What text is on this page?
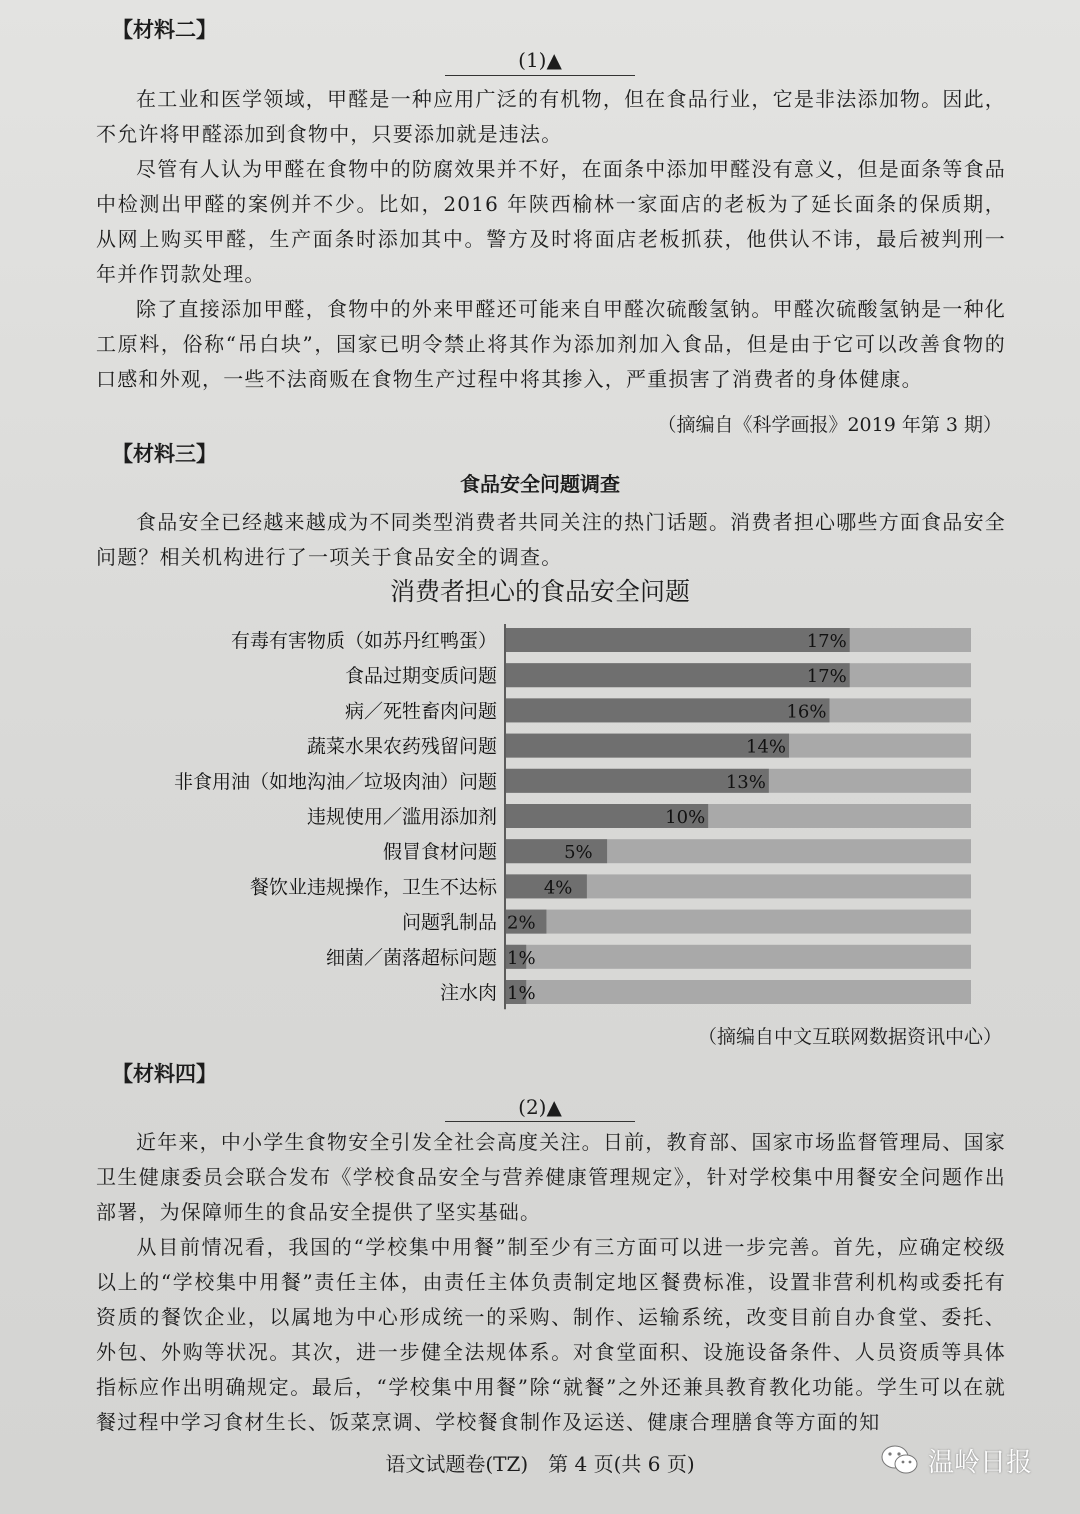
【材料二】
(1)▲

在工业和医学领域，甲醛是一种应用广泛的有机物，但在食品行业，它是非法添加物。因此，不允许将甲醛添加到食物中，只要添加就是违法。

尽管有人认为甲醛在食物中的防腐效果并不好，在面条中添加甲醛没有意义，但是面条等食品中检测出甲醛的案例并不少。比如，2016 年陕西榆林一家面店的老板为了延长面条的保质期，从网上购买甲醛，生产面条时添加其中。警方及时将面店老板抓获，他供认不讳，最后被判刑一年并作罚款处理。

除了直接添加甲醛，食物中的外来甲醛还可能来自甲醛次硫酸氢钠。甲醛次硫酸氢钠是一种化工原料，俗称“吊白块”，国家已明令禁止将其作为添加剂加入食品，但是由于它可以改善食物的口感和外观，一些不法商贩在食物生产过程中将其掺入，严重损害了消费者的身体健康。

（摘编自《科学画报》2019 年第 3 期）
【材料三】
食品安全问题调查

食品安全已经越来越成为不同类型消费者共同关注的热门话题。消费者担心哪些方面食品安全问题？相关机构进行了一项关于食品安全的调查。

消费者担心的食品安全问题
有毒有害物质（如苏丹红鸭蛋）	17%
食品过期变质问题	17%
病／死牲畜肉问题	16%
蔬菜水果农药残留问题	14%
非食用油（如地沟油／垃圾肉油）问题	13%
违规使用／滥用添加剂	10%
假冒食材问题	5%
餐饮业违规操作，卫生不达标	4%
问题乳制品 2%
细菌／菌落超标问题 1%
注水肉 1%
（摘编自中文互联网数据资讯中心）
【材料四】
(2)▲

近年来，中小学生食物安全引发全社会高度关注。日前，教育部、国家市场监督管理局、国家卫生健康委员会联合发布《学校食品安全与营养健康管理规定》，针对学校集中用餐安全问题作出部署，为保障师生的食品安全提供了坚实基础。

从目前情况看，我国的“学校集中用餐”制至少有三方面可以进一步完善。首先，应确定校级以上的“学校集中用餐”责任主体，由责任主体负责制定地区餐费标准，设置非营利机构或委托有资质的餐饮企业，以属地为中心形成统一的采购、制作、运输系统，改变目前自办食堂、委托、外包、外购等状况。其次，进一步健全法规体系。对食堂面积、设施设备条件、人员资质等具体指标应作出明确规定。最后，“学校集中用餐”除“就餐”之外还兼具教育教化功能。学生可以在就餐过程中学习食材生长、饭菜烹调、学校餐食制作及运送、健康合理膳食等方面的知

语文试题卷(TZ)　第 4 页(共 6 页)	温岭日报
